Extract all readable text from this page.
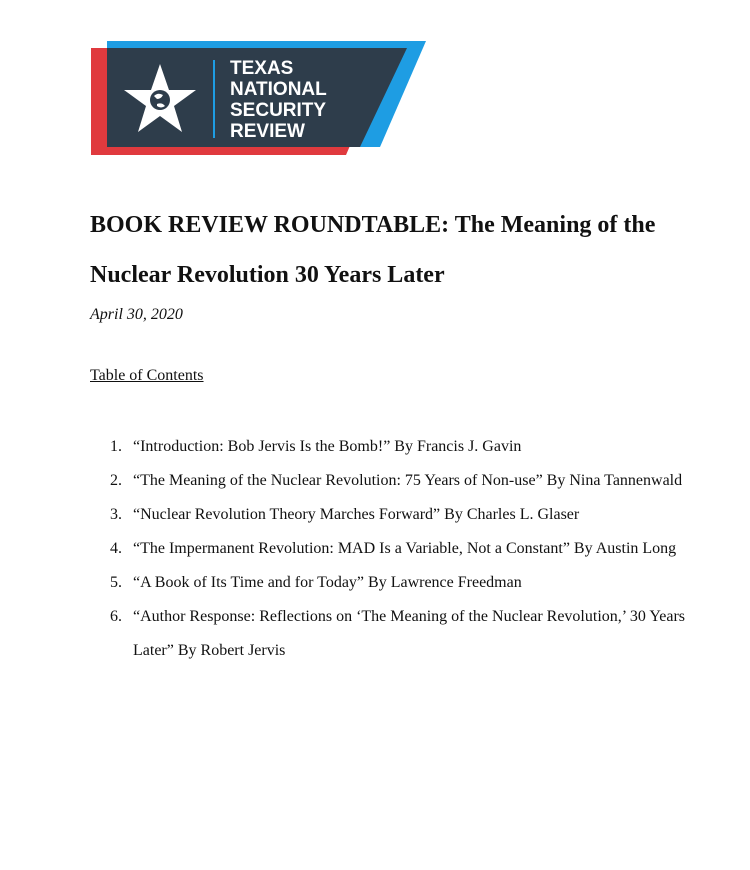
TEXAS
NATIONAL
SECURITY
REVIEW
BOOK REVIEW ROUNDTABLE: The Meaning of the Nuclear Revolution 30 Years Later
April 30, 2020
Table of Contents
1. “Introduction: Bob Jervis Is the Bomb!” By Francis J. Gavin
2. “The Meaning of the Nuclear Revolution: 75 Years of Non-use” By Nina Tannenwald
3. “Nuclear Revolution Theory Marches Forward” By Charles L. Glaser
4. “The Impermanent Revolution: MAD Is a Variable, Not a Constant” By Austin Long
5. “A Book of Its Time and for Today” By Lawrence Freedman
6. “Author Response: Reflections on ‘The Meaning of the Nuclear Revolution,’ 30 Years Later” By Robert Jervis
